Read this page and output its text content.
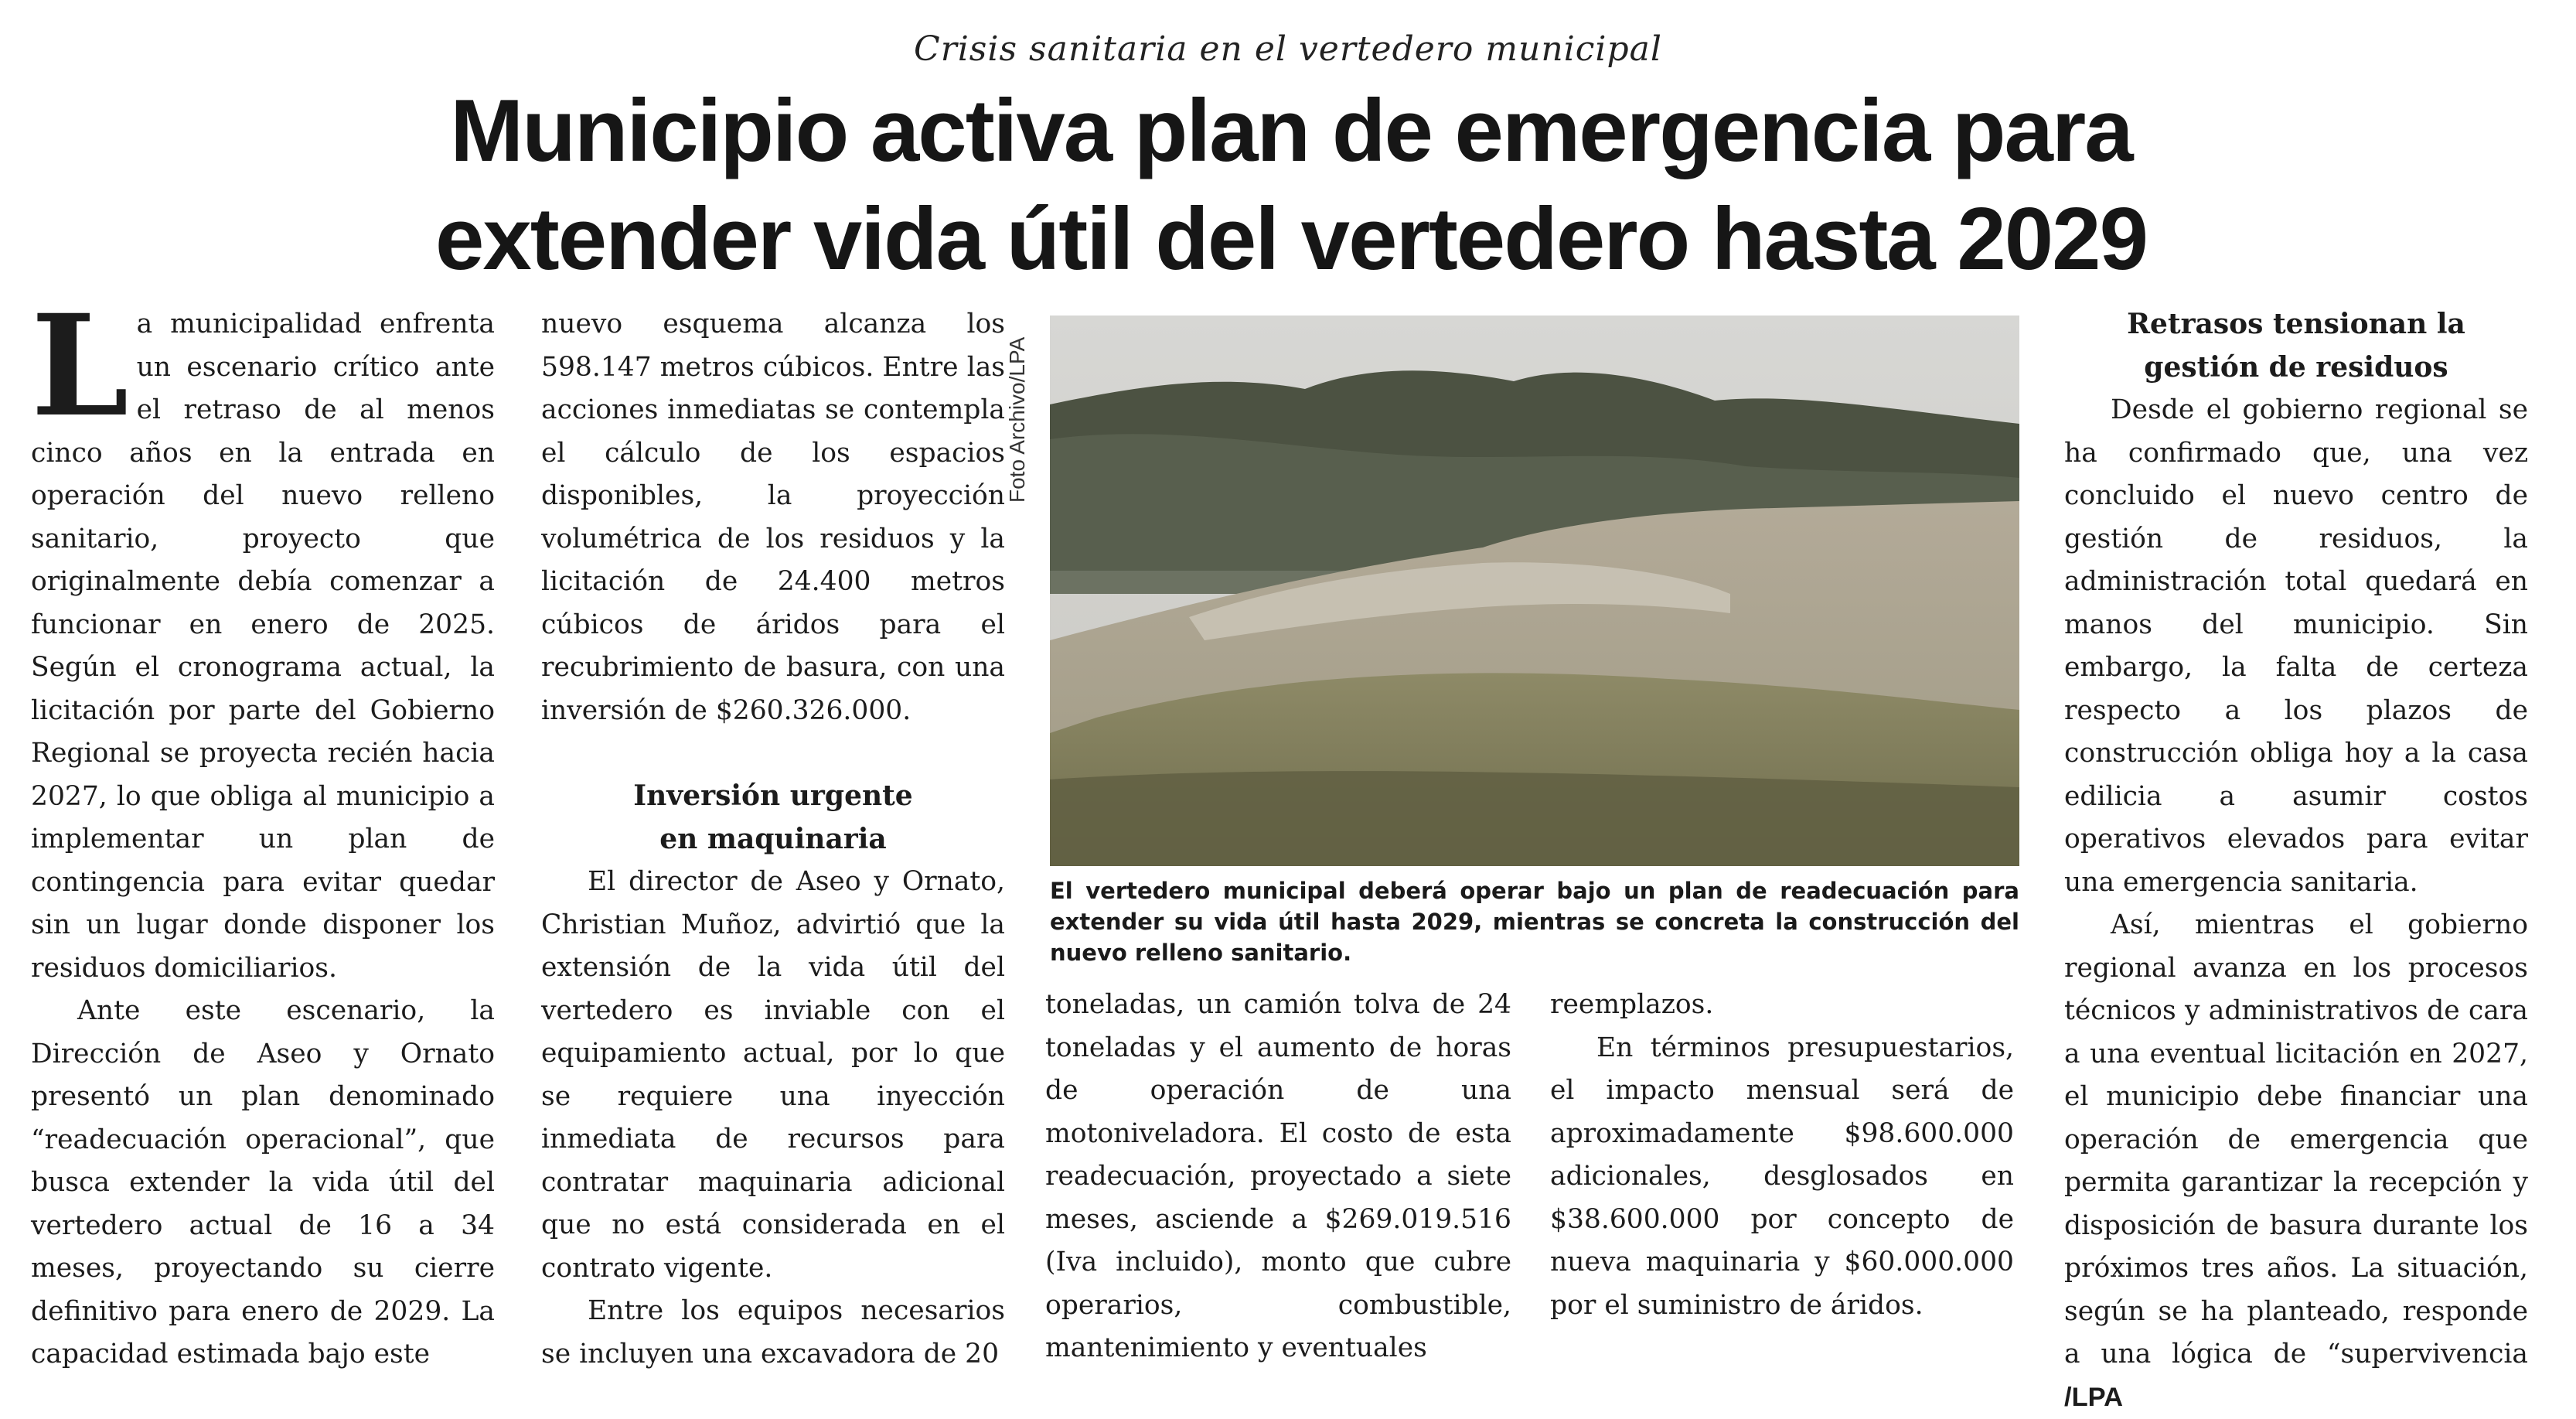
Crisis sanitaria en el vertedero municipal
Municipio activa plan de emergencia para
extender vida útil del vertedero hasta 2029

La municipalidad enfrenta un escenario crítico ante el retraso de al menos cinco años en la entrada en operación del nuevo relleno sanitario, proyecto que originalmente debía comenzar a funcionar en enero de 2025. Según el cronograma actual, la licitación por parte del Gobierno Regional se proyecta recién hacia 2027, lo que obliga al municipio a implementar un plan de contingencia para evitar quedar sin un lugar donde disponer los residuos domiciliarios.

Ante este escenario, la Dirección de Aseo y Ornato presentó un plan denominado “readecuación operacional”, que busca extender la vida útil del vertedero actual de 16 a 34 meses, proyectando su cierre definitivo para enero de 2029. La capacidad estimada bajo este

nuevo esquema alcanza los 598.147 metros cúbicos. Entre las acciones inmediatas se contempla el cálculo de los espacios disponibles, la proyección volumétrica de los residuos y la licitación de 24.400 metros cúbicos de áridos para el recubrimiento de basura, con una inversión de $260.326.000.

Inversión urgente
en maquinaria

El director de Aseo y Ornato, Christian Muñoz, advirtió que la extensión de la vida útil del vertedero es inviable con el equipamiento actual, por lo que se requiere una inyección inmediata de recursos para contratar maquinaria adicional que no está considerada en el contrato vigente.

Entre los equipos necesarios se incluyen una excavadora de 20

Foto Archivo/LPA
El vertedero municipal deberá operar bajo un plan de readecuación para extender su vida útil hasta 2029, mientras se concreta la construcción del nuevo relleno sanitario.

toneladas, un camión tolva de 24 toneladas y el aumento de horas de operación de una motoniveladora. El costo de esta readecuación, proyectado a siete meses, asciende a $269.019.516 (Iva incluido), monto que cubre operarios, combustible, mantenimiento y eventuales

reemplazos.

En términos presupuestarios, el impacto mensual será de aproximadamente $98.600.000 adicionales, desglosados en $38.600.000 por concepto de nueva maquinaria y $60.000.000 por el suministro de áridos.

Retrasos tensionan la
gestión de residuos

Desde el gobierno regional se ha confirmado que, una vez concluido el nuevo centro de gestión de residuos, la administración total quedará en manos del municipio. Sin embargo, la falta de certeza respecto a los plazos de construcción obliga hoy a la casa edilicia a asumir costos operativos elevados para evitar una emergencia sanitaria.

Así, mientras el gobierno regional avanza en los procesos técnicos y administrativos de cara a una eventual licitación en 2027, el municipio debe financiar una operación de emergencia que permita garantizar la recepción y disposición de basura durante los próximos tres años. La situación, según se ha planteado, responde a una lógica de “supervivencia /LPA
